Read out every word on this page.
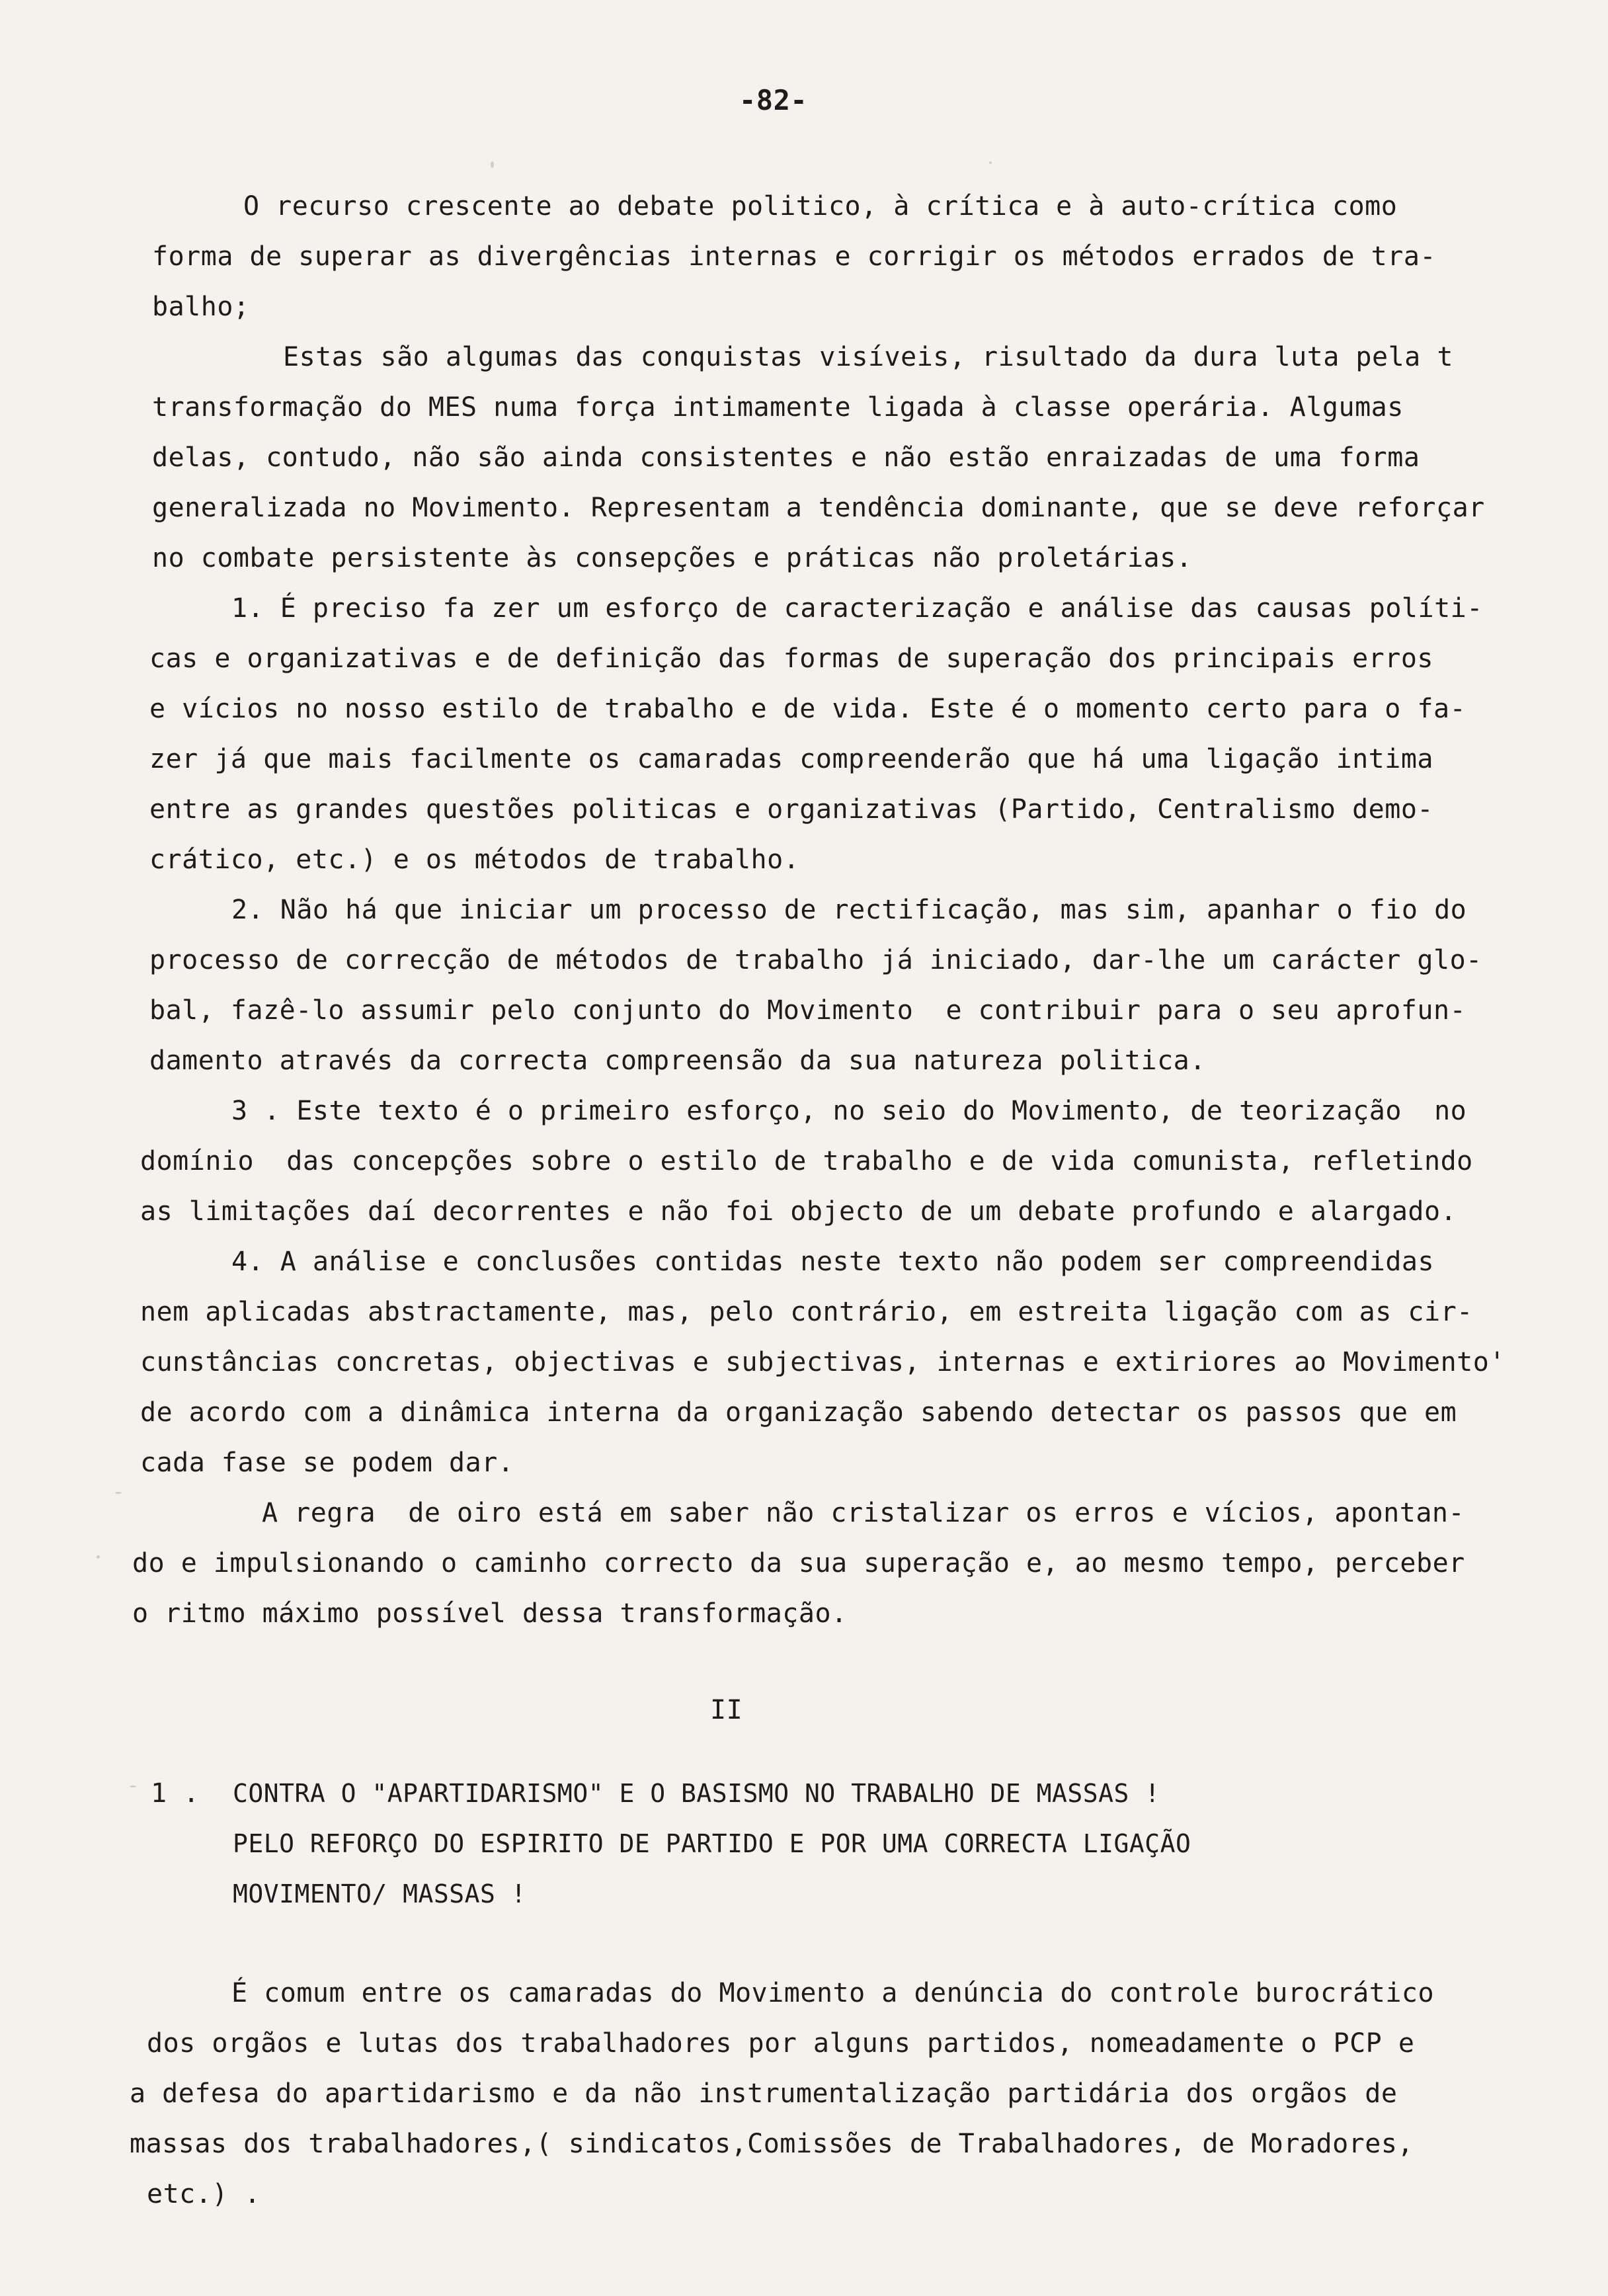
-82-
O recurso crescente ao debate politico, à crítica e à auto-crítica como
forma de superar as divergências internas e corrigir os métodos errados de tra-
balho;
Estas são algumas das conquistas visíveis, risultado da dura luta pela t
transformação do MES numa força intimamente ligada à classe operária. Algumas
delas, contudo, não são ainda consistentes e não estão enraizadas de uma forma
generalizada no Movimento. Representam a tendência dominante, que se deve reforçar
no combate persistente às consepções e práticas não proletárias.
1. É preciso fa zer um esforço de caracterização e análise das causas políti-
cas e organizativas e de definição das formas de superação dos principais erros
e vícios no nosso estilo de trabalho e de vida. Este é o momento certo para o fa-
zer já que mais facilmente os camaradas compreenderão que há uma ligação intima
entre as grandes questões politicas e organizativas (Partido, Centralismo demo-
crático, etc.) e os métodos de trabalho.
2. Não há que iniciar um processo de rectificação, mas sim, apanhar o fio do
processo de correcção de métodos de trabalho já iniciado, dar-lhe um carácter glo-
bal, fazê-lo assumir pelo conjunto do Movimento  e contribuir para o seu aprofun-
damento através da correcta compreensão da sua natureza politica.
3 . Este texto é o primeiro esforço, no seio do Movimento, de teorização  no
domínio  das concepções sobre o estilo de trabalho e de vida comunista, refletindo
as limitações daí decorrentes e não foi objecto de um debate profundo e alargado.
4. A análise e conclusões contidas neste texto não podem ser compreendidas
nem aplicadas abstractamente, mas, pelo contrário, em estreita ligação com as cir-
cunstâncias concretas, objectivas e subjectivas, internas e extiriores ao Movimento'
de acordo com a dinâmica interna da organização sabendo detectar os passos que em
cada fase se podem dar.
A regra  de oiro está em saber não cristalizar os erros e vícios, apontan-
do e impulsionando o caminho correcto da sua superação e, ao mesmo tempo, perceber
o ritmo máximo possível dessa transformação.
II
1 . CONTRA O "APARTIDARISMO" E O BASISMO NO TRABALHO DE MASSAS !
PELO REFORÇO DO ESPIRITO DE PARTIDO E POR UMA CORRECTA LIGAÇÃO
MOVIMENTO/ MASSAS !
É comum entre os camaradas do Movimento a denúncia do controle burocrático
dos orgãos e lutas dos trabalhadores por alguns partidos, nomeadamente o PCP e
a defesa do apartidarismo e da não instrumentalização partidária dos orgãos de
massas dos trabalhadores,( sindicatos,Comissões de Trabalhadores, de Moradores,
etc.) .
